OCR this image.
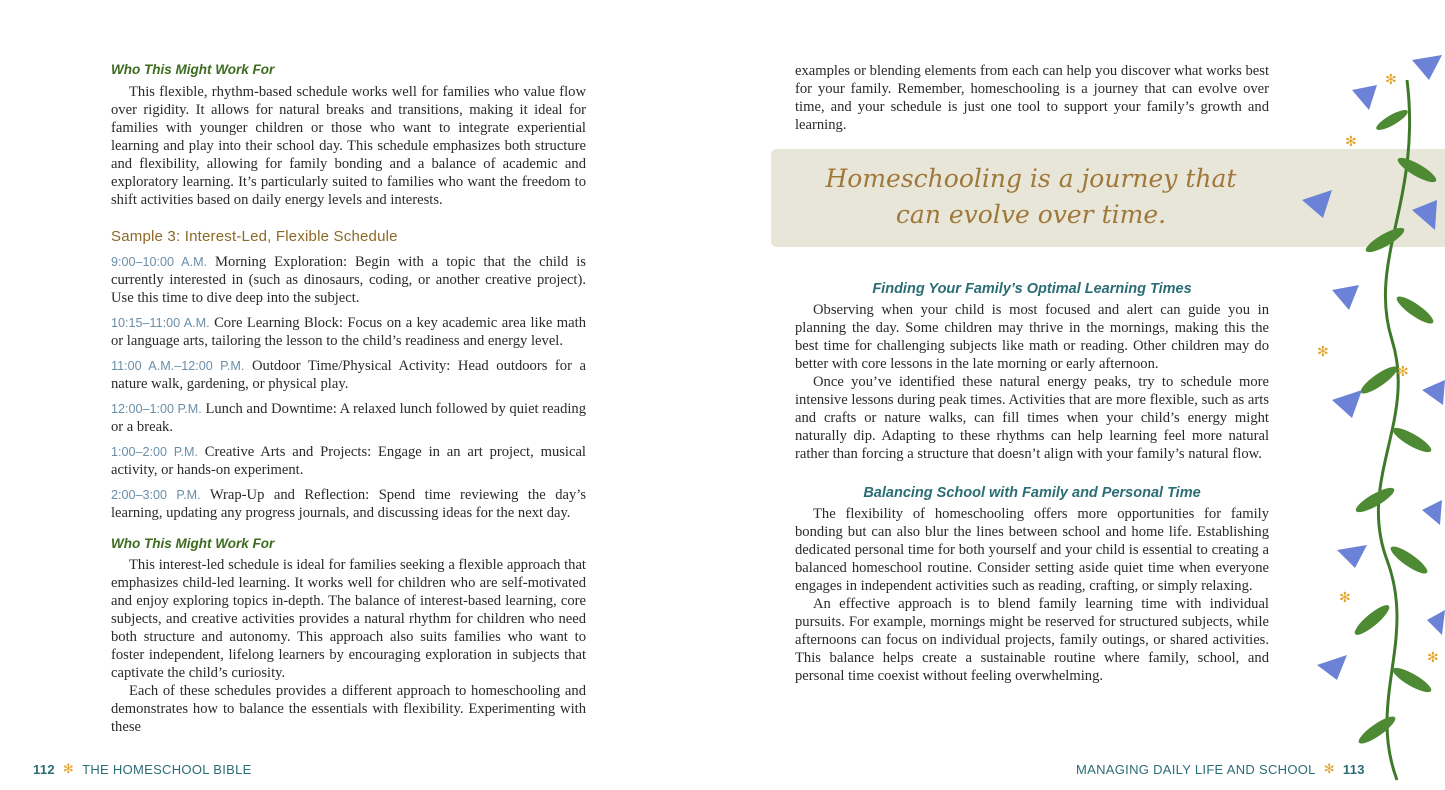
Who This Might Work For

This flexible, rhythm-based schedule works well for families who value flow over rigidity. It allows for natural breaks and transitions, making it ideal for families with younger children or those who want to integrate experiential learning and play into their school day. This schedule emphasizes both structure and flexibility, allowing for family bonding and a balance of academic and exploratory learning. It’s particularly suited to families who want the freedom to shift activities based on daily energy levels and interests.

Sample 3: Interest-Led, Flexible Schedule

9:00–10:00 A.M. Morning Exploration: Begin with a topic that the child is currently interested in (such as dinosaurs, coding, or another creative project). Use this time to dive deep into the subject.

10:15–11:00 A.M. Core Learning Block: Focus on a key academic area like math or language arts, tailoring the lesson to the child’s readiness and energy level.

11:00 A.M.–12:00 P.M. Outdoor Time/Physical Activity: Head outdoors for a nature walk, gardening, or physical play.

12:00–1:00 P.M. Lunch and Downtime: A relaxed lunch followed by quiet reading or a break.

1:00–2:00 P.M. Creative Arts and Projects: Engage in an art project, musical activity, or hands-on experiment.

2:00–3:00 P.M. Wrap-Up and Reflection: Spend time reviewing the day’s learning, updating any progress journals, and discussing ideas for the next day.

Who This Might Work For

This interest-led schedule is ideal for families seeking a flexible approach that emphasizes child-led learning. It works well for children who are self-motivated and enjoy exploring topics in-depth. The balance of interest-based learning, core subjects, and creative activities provides a natural rhythm for children who need both structure and autonomy. This approach also suits families who want to foster independent, lifelong learners by encouraging exploration in subjects that captivate the child’s curiosity.

Each of these schedules provides a different approach to homeschooling and demonstrates how to balance the essentials with flexibility. Experimenting with these

112 ✻ THE HOMESCHOOL BIBLE

examples or blending elements from each can help you discover what works best for your family. Remember, homeschooling is a journey that can evolve over time, and your schedule is just one tool to support your family’s growth and learning.

Homeschooling is a journey that
can evolve over time.

Finding Your Family’s Optimal Learning Times

Observing when your child is most focused and alert can guide you in planning the day. Some children may thrive in the mornings, making this the best time for challenging subjects like math or reading. Other children may do better with core lessons in the late morning or early afternoon.

Once you’ve identified these natural energy peaks, try to schedule more intensive lessons during peak times. Activities that are more flexible, such as arts and crafts or nature walks, can fill times when your child’s energy might naturally dip. Adapting to these rhythms can help learning feel more natural rather than forcing a structure that doesn’t align with your family’s natural flow.

Balancing School with Family and Personal Time

The flexibility of homeschooling offers more opportunities for family bonding but can also blur the lines between school and home life. Establishing dedicated personal time for both yourself and your child is essential to creating a balanced homeschool routine. Consider setting aside quiet time when everyone engages in independent activities such as reading, crafting, or simply relaxing.

An effective approach is to blend family learning time with individual pursuits. For example, mornings might be reserved for structured subjects, while afternoons can focus on individual projects, family outings, or shared activities. This balance helps create a sustainable routine where family, school, and personal time coexist without feeling overwhelming.

✻
✻
✻
✻
✻
✻
MANAGING DAILY LIFE AND SCHOOL ✻ 113
